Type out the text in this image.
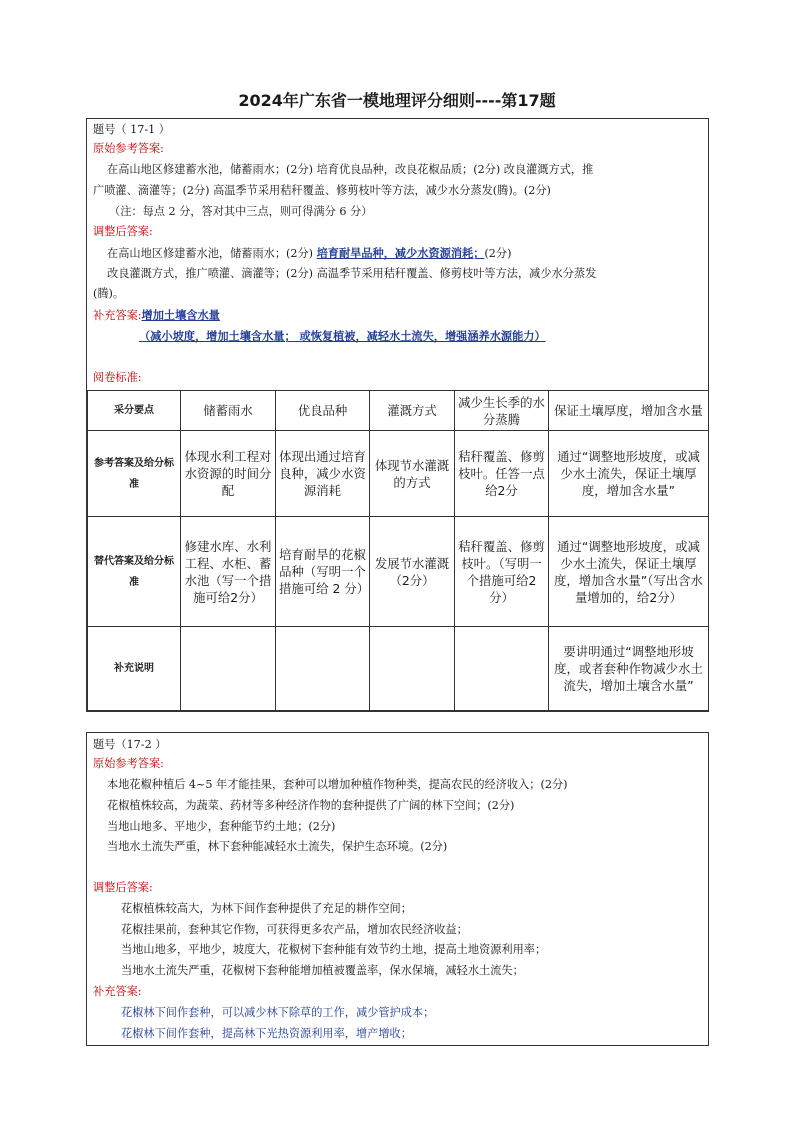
2024年广东省一模地理评分细则----第17题
题号（ 17-1 ）
原始参考答案:
在高山地区修建蓄水池，储蓄雨水；(2分) 培育优良品种，改良花椒品质；(2分) 改良灌溉方式，推
广喷灌、滴灌等；(2分) 高温季节采用秸秆覆盖、修剪枝叶等方法，减少水分蒸发(腾)。(2分)
（注：每点 2 分，答对其中三点，则可得满分 6 分）
调整后答案:
在高山地区修建蓄水池，储蓄雨水；(2分) 培育耐旱品种，减少水资源消耗；(2分)
改良灌溉方式，推广喷灌、滴灌等；(2分) 高温季节采用秸秆覆盖、修剪枝叶等方法，减少水分蒸发
(腾)。
补充答案:增加土壤含水量
（减小坡度，增加土壤含水量； 或恢复植被，减轻水土流失，增强涵养水源能力）
阅卷标准:
采分要点	储蓄雨水	优良品种	灌溉方式	减少生长季的水分蒸腾	保证土壤厚度，增加含水量
参考答案及给分标准	体现水利工程对水资源的时间分配	体现出通过培育良种，减少水资源消耗	体现节水灌溉的方式	秸秆覆盖、修剪枝叶。任答一点给2分	通过“调整地形坡度，或减少水土流失，保证土壤厚度，增加含水量”
替代答案及给分标准	修建水库、水利工程、水柜、蓄水池（写一个措施可给2分）	培育耐旱的花椒品种（写明一个措施可给 2 分）	发展节水灌溉（2分）	秸秆覆盖、修剪枝叶。（写明一个措施可给2分）	通过“调整地形坡度，或减少水土流失，保证土壤厚度，增加含水量”（写出含水量增加的，给2分）
补充说明					要讲明通过“调整地形坡度，或者套种作物减少水土流失，增加土壤含水量”
题号（17-2 ）
原始参考答案:
本地花椒种植后 4~5 年才能挂果，套种可以增加种植作物种类，提高农民的经济收入；(2分)
花椒植株较高，为蔬菜、药材等多种经济作物的套种提供了广阔的林下空间；(2分)
当地山地多、平地少，套种能节约土地；(2分)
当地水土流失严重，林下套种能减轻水土流失，保护生态环境。(2分)
调整后答案:
花椒植株较高大，为林下间作套种提供了充足的耕作空间；
花椒挂果前，套种其它作物，可获得更多农产品，增加农民经济收益；
当地山地多，平地少，坡度大，花椒树下套种能有效节约土地，提高土地资源利用率；
当地水土流失严重，花椒树下套种能增加植被覆盖率，保水保墒，减轻水土流失；
补充答案:
花椒林下间作套种，可以减少林下除草的工作，减少管护成本；
花椒林下间作套种，提高林下光热资源利用率，增产增收；
